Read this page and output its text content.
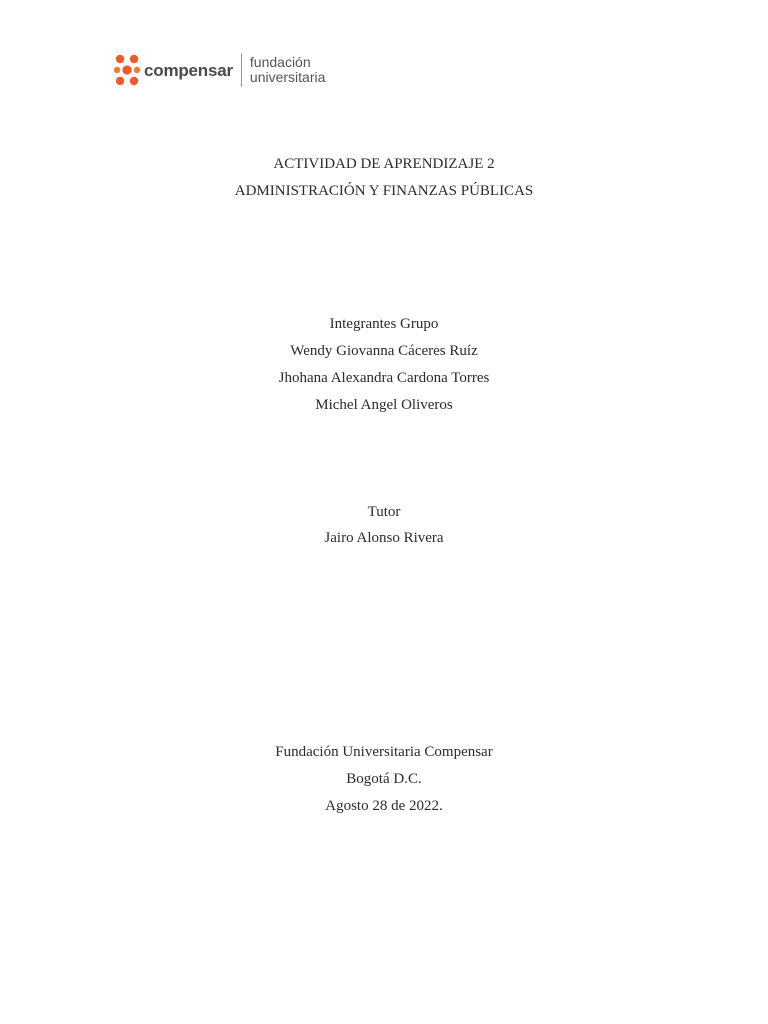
compensar fundación
universitaria
ACTIVIDAD DE APRENDIZAJE 2
ADMINISTRACIÓN Y FINANZAS PÚBLICAS
Integrantes Grupo
Wendy Giovanna Cáceres Ruíz
Jhohana Alexandra Cardona Torres
Michel Angel Oliveros
Tutor
Jairo Alonso Rivera
Fundación Universitaria Compensar
Bogotá D.C.
Agosto 28 de 2022.
